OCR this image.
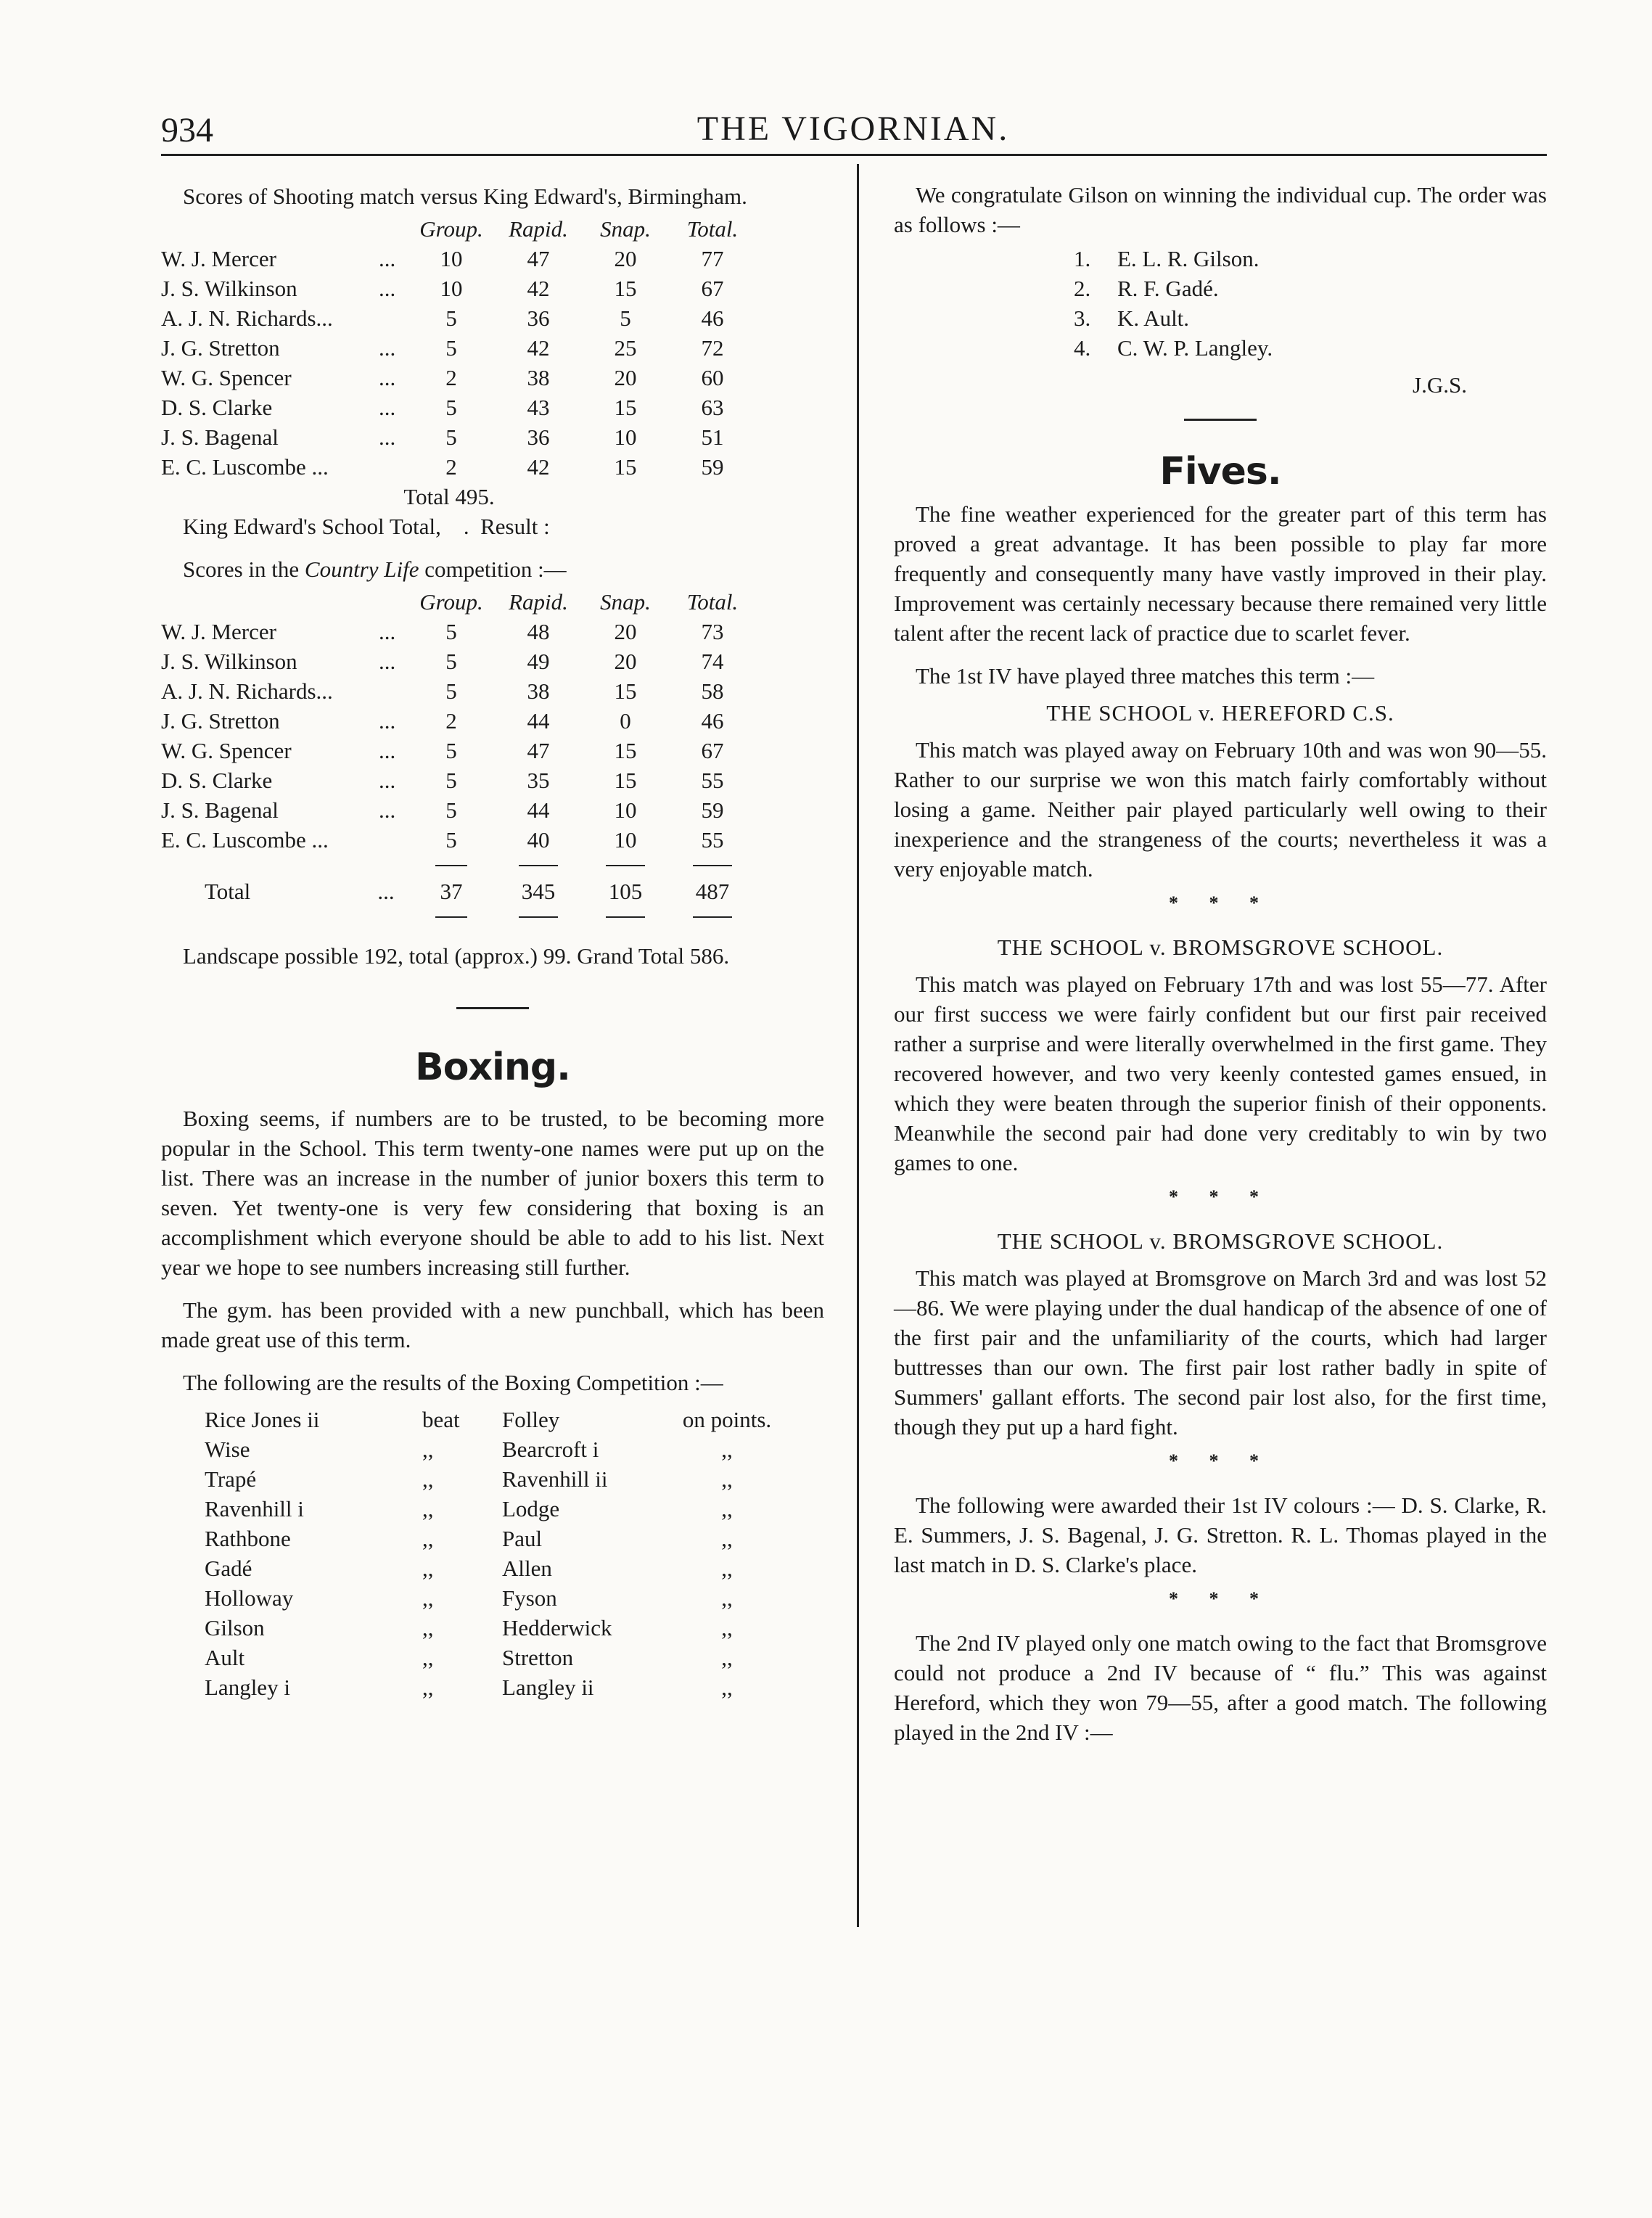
934	THE VIGORNIAN.

Scores of Shooting match versus King Edward's, Birmingham.

Group.	Rapid.	Snap.	Total.
W. J. Mercer	...	10	47	20	77
J. S. Wilkinson	...	10	42	15	67
A. J. N. Richards...	5	36	5	46
J. G. Stretton	...	5	42	25	72
W. G. Spencer	...	2	38	20	60
D. S. Clarke	...	5	43	15	63
J. S. Bagenal	...	5	36	10	51
E. C. Luscombe ...	2	42	15	59

Total 495.

King Edward's School Total,    .  Result :

Scores in the Country Life competition :—

Group.	Rapid.	Snap.	Total.
W. J. Mercer	...	5	48	20	73
J. S. Wilkinson	...	5	49	20	74
A. J. N. Richards...	5	38	15	58
J. G. Stretton	...	2	44	0	46
W. G. Spencer	...	5	47	15	67
D. S. Clarke	...	5	35	15	55
J. S. Bagenal	...	5	44	10	59
E. C. Luscombe ...	5	40	10	55
Total	...	37	345	105	487

Landscape possible 192, total (approx.) 99. Grand Total 586.

Boxing.

Boxing seems, if numbers are to be trusted, to be becoming more popular in the School. This term twenty-one names were put up on the list. There was an increase in the number of junior boxers this term to seven. Yet twenty-one is very few considering that boxing is an accomplishment which everyone should be able to add to his list. Next year we hope to see numbers increasing still further.

The gym. has been provided with a new punchball, which has been made great use of this term.

The following are the results of the Boxing Competition :—

Rice Jones ii	beat	Folley	on points.
Wise	,,	Bearcroft i	,,
Trapé	,,	Ravenhill ii	,,
Ravenhill i	,,	Lodge	,,
Rathbone	,,	Paul	,,
Gadé	,,	Allen	,,
Holloway	,,	Fyson	,,
Gilson	,,	Hedderwick	,,
Ault	,,	Stretton	,,
Langley i	,,	Langley ii	,,

We congratulate Gilson on winning the individual cup. The order was as follows :—

1.	E. L. R. Gilson.
2.	R. F. Gadé.
3.	K. Ault.
4.	C. W. P. Langley.

J.G.S.

Fives.

The fine weather experienced for the greater part of this term has proved a great advantage. It has been possible to play far more frequently and consequently many have vastly improved in their play. Improvement was certainly necessary because there remained very little talent after the recent lack of practice due to scarlet fever.

The 1st IV have played three matches this term :—

THE SCHOOL v. HEREFORD C.S.

This match was played away on February 10th and was won 90—55. Rather to our surprise we won this match fairly comfortably without losing a game. Neither pair played particularly well owing to their inexperience and the strangeness of the courts; nevertheless it was a very enjoyable match.

* * *
THE SCHOOL v. BROMSGROVE SCHOOL.

This match was played on February 17th and was lost 55—77. After our first success we were fairly confident but our first pair received rather a surprise and were literally overwhelmed in the first game. They recovered however, and two very keenly contested games ensued, in which they were beaten through the superior finish of their opponents. Meanwhile the second pair had done very creditably to win by two games to one.

* * *
THE SCHOOL v. BROMSGROVE SCHOOL.

This match was played at Bromsgrove on March 3rd and was lost 52—86. We were playing under the dual handicap of the absence of one of the first pair and the unfamiliarity of the courts, which had larger buttresses than our own. The first pair lost rather badly in spite of Summers' gallant efforts. The second pair lost also, for the first time, though they put up a hard fight.

* * *

The following were awarded their 1st IV colours :— D. S. Clarke, R. E. Summers, J. S. Bagenal, J. G. Stretton. R. L. Thomas played in the last match in D. S. Clarke's place.

* * *

The 2nd IV played only one match owing to the fact that Bromsgrove could not produce a 2nd IV because of “ flu.” This was against Hereford, which they won 79—55, after a good match. The following played in the 2nd IV :—
